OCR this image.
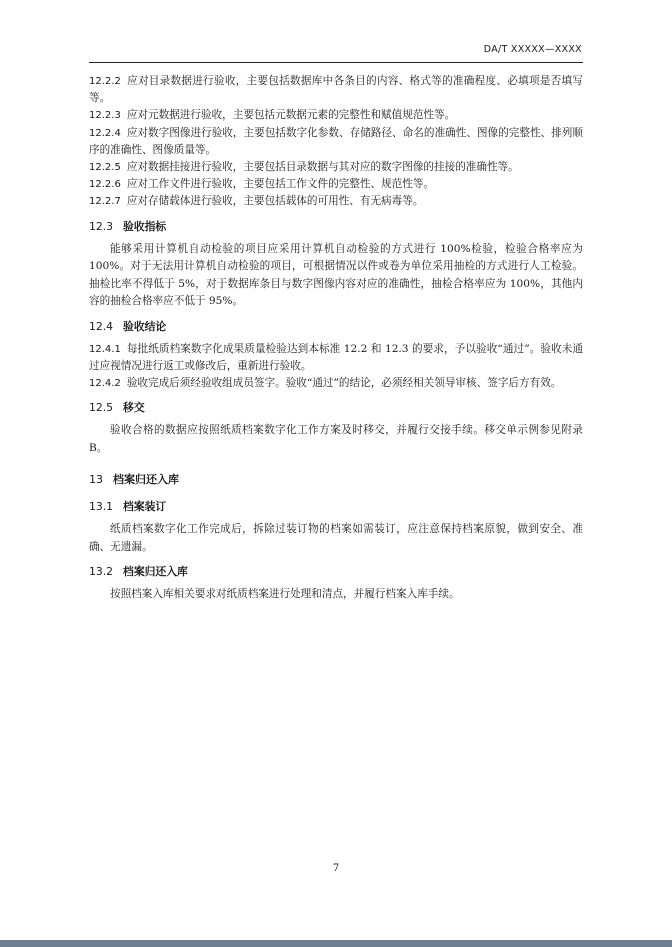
DA/T XXXXX—XXXX

12.2.2 应对目录数据进行验收，主要包括数据库中各条目的内容、格式等的准确程度、必填项是否填写等。

12.2.3 应对元数据进行验收，主要包括元数据元素的完整性和赋值规范性等。

12.2.4 应对数字图像进行验收，主要包括数字化参数、存储路径、命名的准确性、图像的完整性、排列顺序的准确性、图像质量等。

12.2.5 应对数据挂接进行验收，主要包括目录数据与其对应的数字图像的挂接的准确性等。

12.2.6 应对工作文件进行验收，主要包括工作文件的完整性、规范性等。

12.2.7 应对存储载体进行验收，主要包括载体的可用性、有无病毒等。

12.3 验收指标

能够采用计算机自动检验的项目应采用计算机自动检验的方式进行 100%检验，检验合格率应为 100%。对于无法用计算机自动检验的项目，可根据情况以件或卷为单位采用抽检的方式进行人工检验。抽检比率不得低于 5%，对于数据库条目与数字图像内容对应的准确性，抽检合格率应为 100%，其他内容的抽检合格率应不低于 95%。

12.4 验收结论

12.4.1 每批纸质档案数字化成果质量检验达到本标准 12.2 和 12.3 的要求，予以验收“通过”。验收未通过应视情况进行返工或修改后，重新进行验收。

12.4.2 验收完成后须经验收组成员签字。验收“通过”的结论，必须经相关领导审核、签字后方有效。

12.5 移交

验收合格的数据应按照纸质档案数字化工作方案及时移交，并履行交接手续。移交单示例参见附录 B。

13 档案归还入库
13.1 档案装订

纸质档案数字化工作完成后，拆除过装订物的档案如需装订，应注意保持档案原貌，做到安全、准确、无遗漏。

13.2 档案归还入库

按照档案入库相关要求对纸质档案进行处理和清点，并履行档案入库手续。

7
